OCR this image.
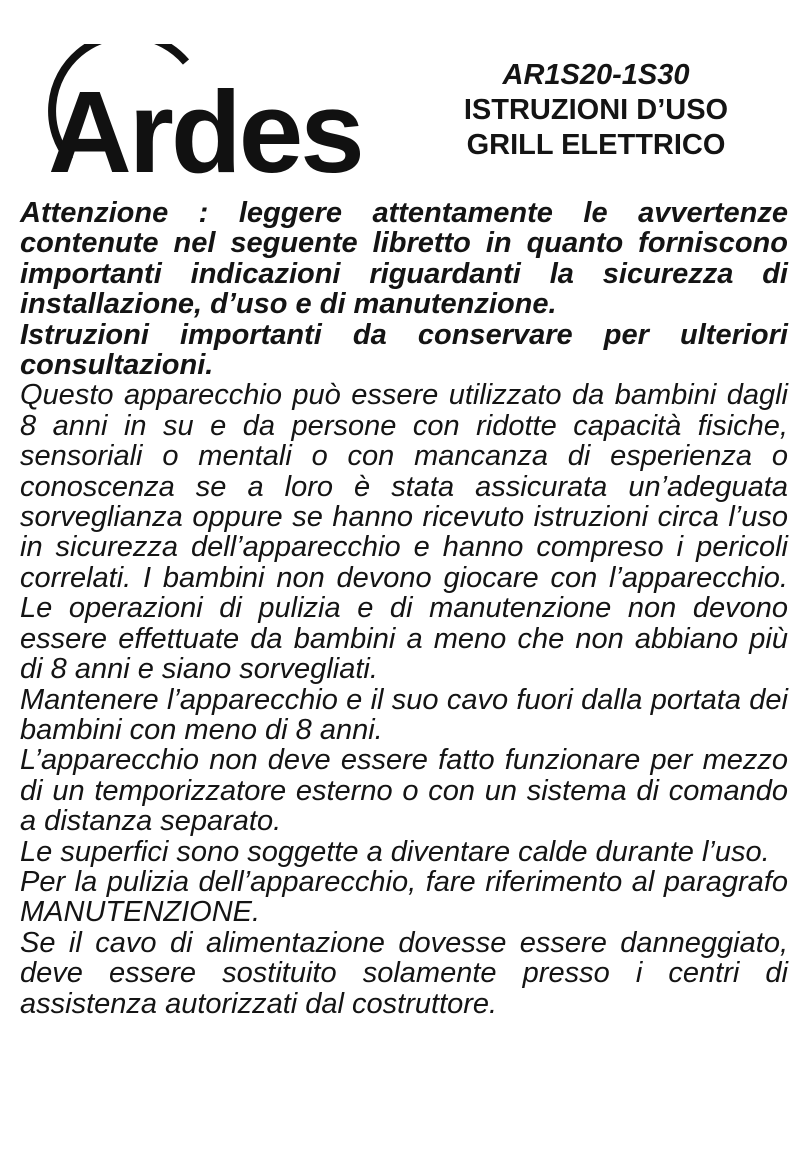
Ardes	AR1S20-1S30
ISTRUZIONI D’USO
GRILL ELETTRICO

Attenzione : leggere attentamente le avvertenze contenute nel seguente libretto in quanto forniscono importanti indicazioni riguardanti la sicurezza di installazione, d’uso e di manutenzione.

Istruzioni importanti da conservare per ulteriori consultazioni.

Questo apparecchio può essere utilizzato da bambini dagli 8 anni in su e da persone con ridotte capacità fisiche, sensoriali o mentali o con mancanza di esperienza o conoscenza se a loro è stata assicurata un’adeguata sorveglianza oppure se hanno ricevuto istruzioni circa l’uso in sicurezza dell’apparecchio e hanno compreso i pericoli correlati. I bambini non devono giocare con l’apparecchio. Le operazioni di pulizia e di manutenzione non devono essere effettuate da bambini a meno che non abbiano più di 8 anni e siano sorvegliati.

Mantenere l’apparecchio e il suo cavo fuori dalla portata dei bambini con meno di 8 anni.

L’apparecchio non deve essere fatto funzionare per mezzo di un temporizzatore esterno o con un sistema di comando a distanza separato.

Le superfici sono soggette a diventare calde durante l’uso.

Per la pulizia dell’apparecchio, fare riferimento al paragrafo MANUTENZIONE.

Se il cavo di alimentazione dovesse essere danneggiato, deve essere sostituito solamente presso i centri di assistenza autorizzati dal costruttore.
